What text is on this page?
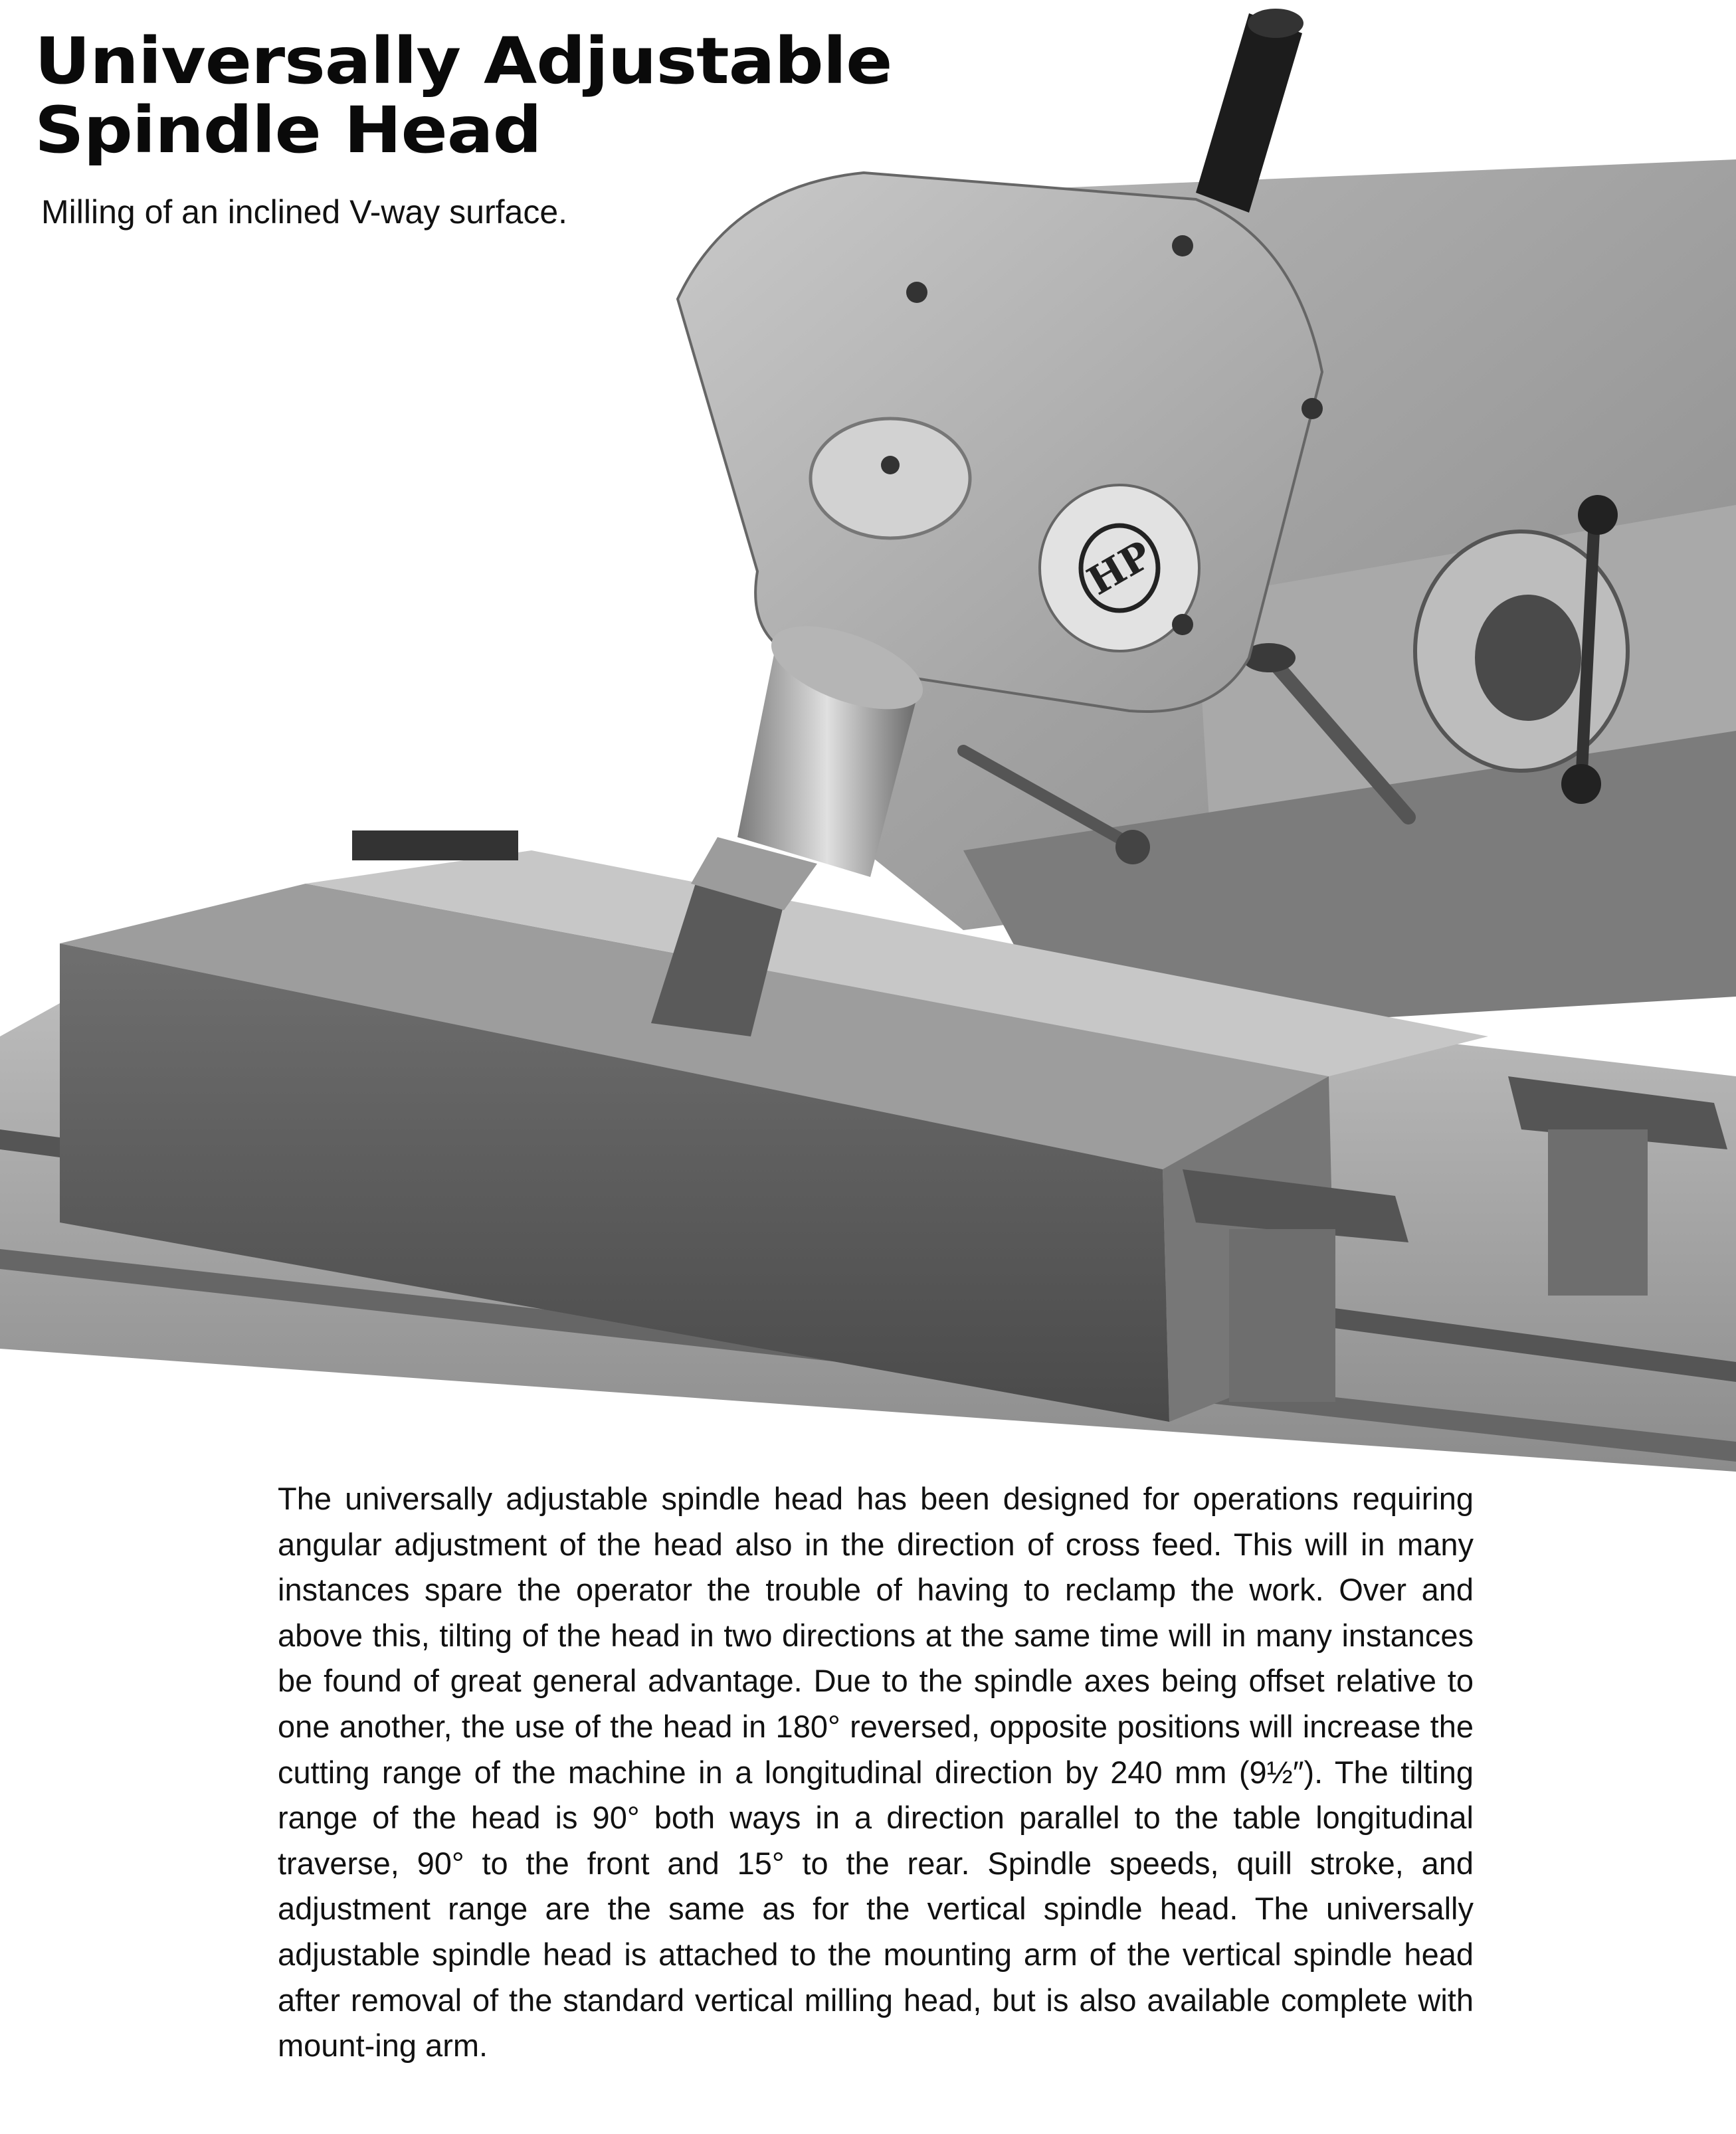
HP
Universally Adjustable
Spindle Head

Milling of an inclined V-way surface.

The universally adjustable spindle head has been designed for operations requiring angular adjustment of the head also in the direction of cross feed. This will in many instances spare the operator the trouble of having to reclamp the work. Over and above this, tilting of the head in two directions at the same time will in many instances be found of great general advantage. Due to the spindle axes being offset relative to one another, the use of the head in 180° reversed, opposite positions will increase the cutting range of the machine in a longitudinal direction by 240 mm (9½″). The tilting range of the head is 90° both ways in a direction parallel to the table longitudinal traverse, 90° to the front and 15° to the rear. Spindle speeds, quill stroke, and adjustment range are the same as for the vertical spindle head. The universally adjustable spindle head is attached to the mounting arm of the vertical spindle head after removal of the standard vertical milling head, but is also available complete with mount-ing arm.
